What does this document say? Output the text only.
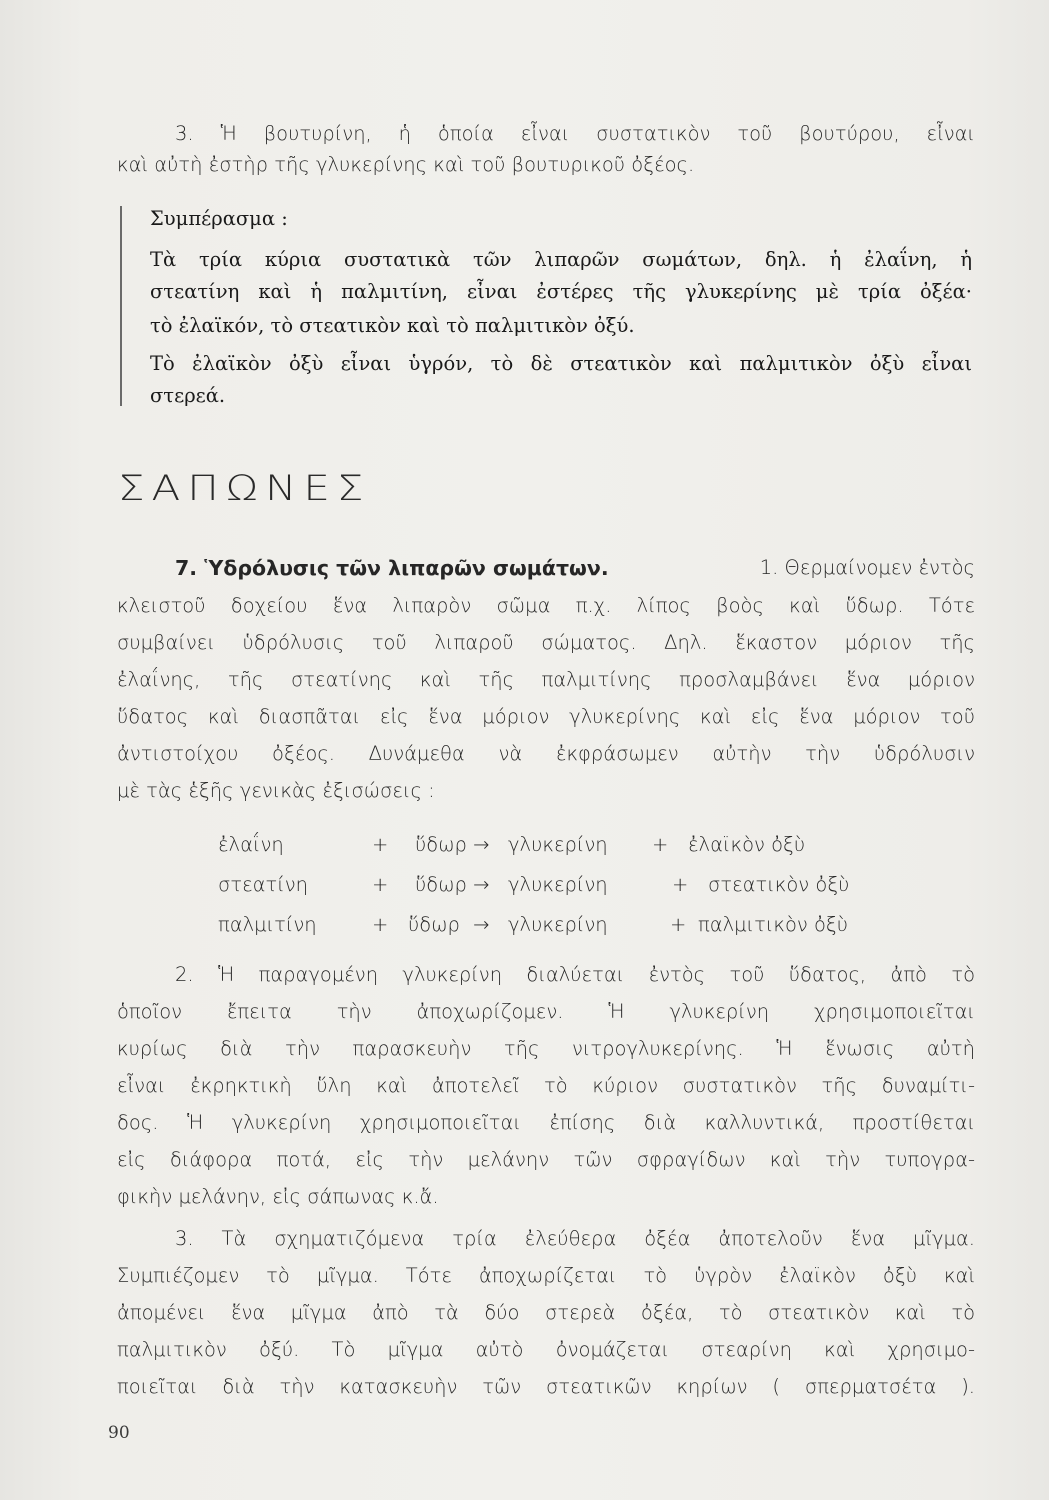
3. Ἡ βουτυρίνη, ἡ ὁποία εἶναι συστατικὸν τοῦ βουτύρου, εἶναι
καὶ αὐτὴ ἐστὴρ τῆς γλυκερίνης καὶ τοῦ βουτυρικοῦ ὀξέος.
Συμπέρασμα :
Τὰ τρία κύρια συστατικὰ τῶν λιπαρῶν σωμάτων, δηλ. ἡ ἐλαΐνη, ἡ
στεατίνη καὶ ἡ παλμιτίνη, εἶναι ἐστέρες τῆς γλυκερίνης μὲ τρία ὀξέα·
τὸ ἐλαϊκόν, τὸ στεατικὸν καὶ τὸ παλμιτικὸν ὀξύ.
Τὸ ἐλαϊκὸν ὀξὺ εἶναι ὑγρόν, τὸ δὲ στεατικὸν καὶ παλμιτικὸν ὀξὺ εἶναι
στερεά.
ΣΑΠΩΝΕΣ
7. Ὑδρόλυσις τῶν λιπαρῶν σωμάτων.	1. Θερμαίνομεν ἐντὸς
κλειστοῦ δοχείου ἕνα λιπαρὸν σῶμα π.χ. λίπος βοὸς καὶ ὕδωρ. Τότε
συμβαίνει ὑδρόλυσις τοῦ λιπαροῦ σώματος. Δηλ. ἕκαστον μόριον τῆς
ἐλαΐνης, τῆς στεατίνης καὶ τῆς παλμιτίνης προσλαμβάνει ἕνα μόριον
ὕδατος καὶ διασπᾶται εἰς ἕνα μόριον γλυκερίνης καὶ εἰς ἕνα μόριον τοῦ
ἀντιστοίχου ὀξέος. Δυνάμεθα νὰ ἐκφράσωμεν αὐτὴν τὴν ὑδρόλυσιν
μὲ τὰς ἑξῆς γενικὰς ἐξισώσεις :
ἐλαΐνη	+ ὕδωρ → γλυκερίνη + ἐλαϊκὸν ὀξὺ
στεατίνη	+ ὕδωρ → γλυκερίνη	+ στεατικὸν ὀξὺ
παλμιτίνη	+ ὕδωρ → γλυκερίνη	+ παλμιτικὸν ὀξὺ
2. Ἡ παραγομένη γλυκερίνη διαλύεται ἐντὸς τοῦ ὕδατος, ἀπὸ τὸ
ὁποῖον ἔπειτα τὴν ἀποχωρίζομεν. Ἡ γλυκερίνη χρησιμοποιεῖται
κυρίως διὰ τὴν παρασκευὴν τῆς νιτρογλυκερίνης. Ἡ ἕνωσις αὐτὴ
εἶναι ἐκρηκτικὴ ὕλη καὶ ἀποτελεῖ τὸ κύριον συστατικὸν τῆς δυναμίτι-
δος. Ἡ γλυκερίνη χρησιμοποιεῖται ἐπίσης διὰ καλλυντικά, προστίθεται
εἰς διάφορα ποτά, εἰς τὴν μελάνην τῶν σφραγίδων καὶ τὴν τυπογρα-
φικὴν μελάνην, εἰς σάπωνας κ.ἄ.
3. Τὰ σχηματιζόμενα τρία ἐλεύθερα ὀξέα ἀποτελοῦν ἕνα μῖγμα.
Συμπιέζομεν τὸ μῖγμα. Τότε ἀποχωρίζεται τὸ ὑγρὸν ἐλαϊκὸν ὀξὺ καὶ
ἀπομένει ἕνα μῖγμα ἀπὸ τὰ δύο στερεὰ ὀξέα, τὸ στεατικὸν καὶ τὸ
παλμιτικὸν ὀξύ. Τὸ μῖγμα αὐτὸ ὀνομάζεται στεαρίνη καὶ χρησιμο-
ποιεῖται διὰ τὴν κατασκευὴν τῶν στεατικῶν κηρίων ( σπερματσέτα ).
90
